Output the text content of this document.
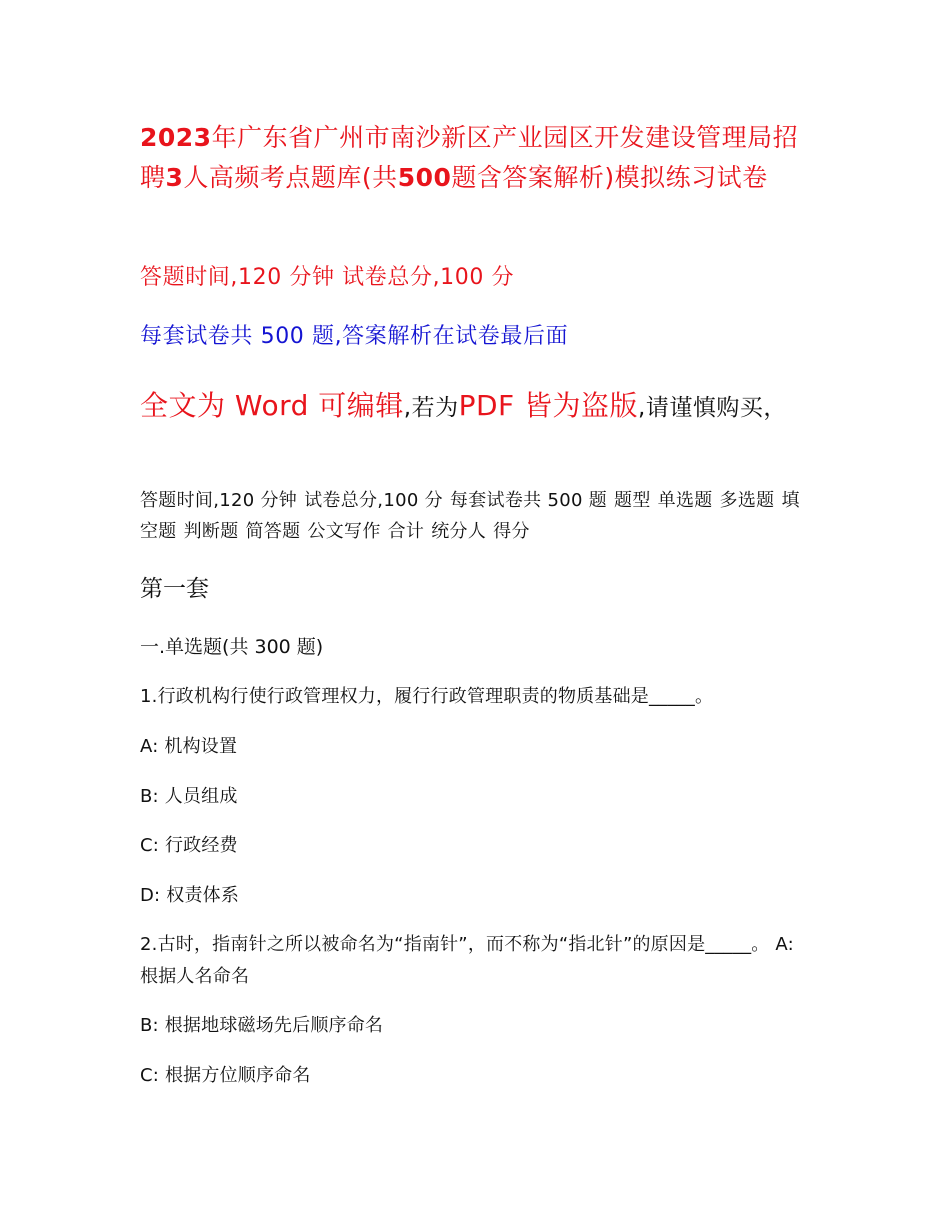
2023年广东省广州市南沙新区产业园区开发建设管理局招聘3人高频考点题库(共500题含答案解析)模拟练习试卷
答题时间,120 分钟 试卷总分,100 分
每套试卷共 500 题,答案解析在试卷最后面
全文为 Word 可编辑,若为PDF 皆为盗版,请谨慎购买，
答题时间,120 分钟 试卷总分,100 分 每套试卷共 500 题 题型 单选题 多选题 填空题 判断题 简答题 公文写作 合计 统分人 得分
第一套
一.单选题(共 300 题)
1.行政机构行使行政管理权力，履行行政管理职责的物质基础是_____。
A: 机构设置
B: 人员组成
C: 行政经费
D: 权责体系
2.古时，指南针之所以被命名为“指南针”，而不称为“指北针”的原因是_____。 A: 根据人名命名
B: 根据地球磁场先后顺序命名
C: 根据方位顺序命名
